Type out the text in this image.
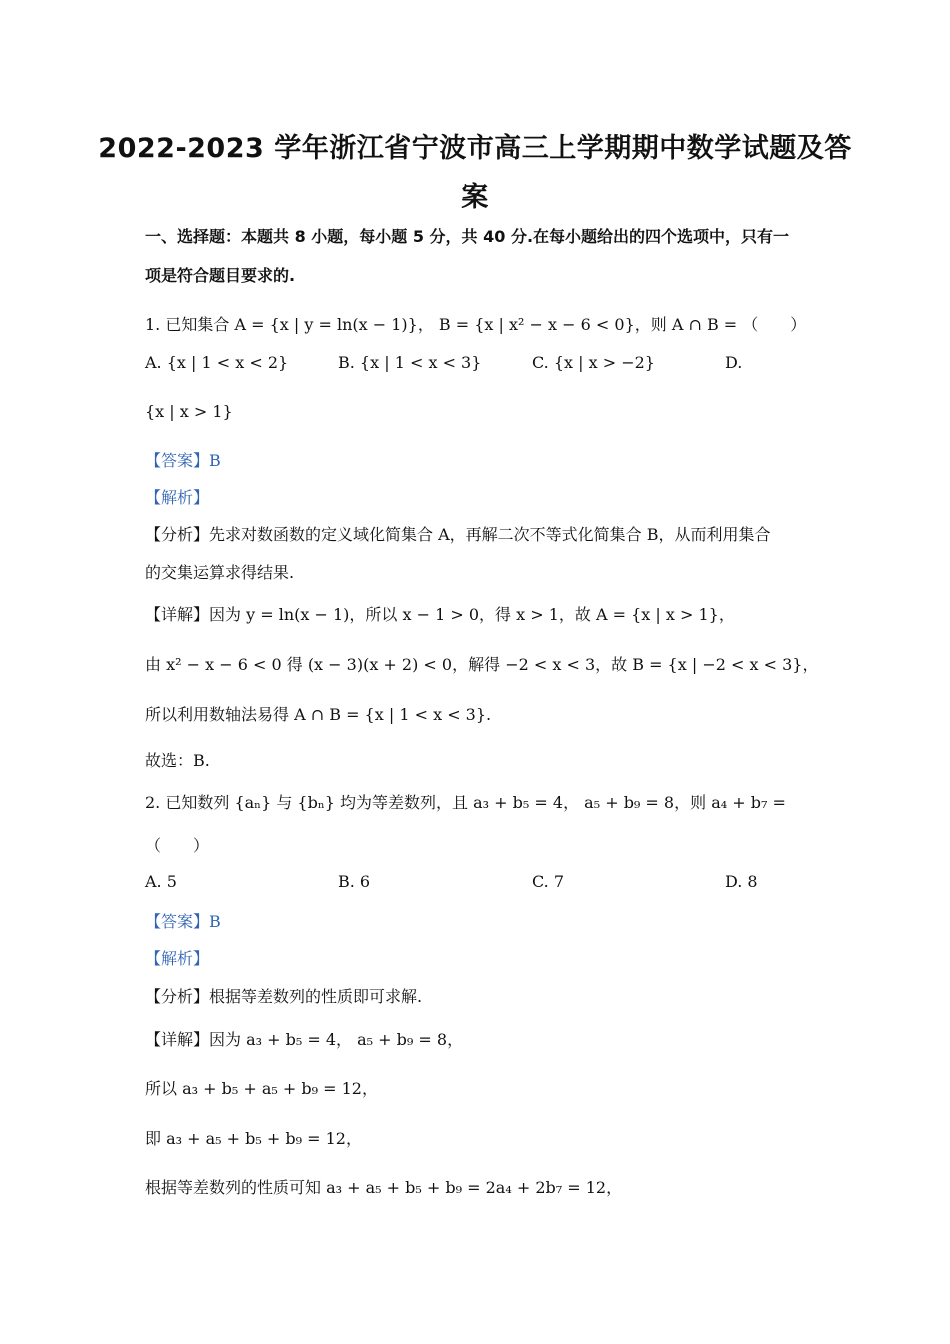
2022-2023 学年浙江省宁波市高三上学期期中数学试题及答
案
一、选择题：本题共 8 小题，每小题 5 分，共 40 分.在每小题给出的四个选项中，只有一
项是符合题目要求的.
1. 已知集合 A = {x | y = ln(x − 1)}， B = {x | x² − x − 6 < 0}，则 A ∩ B = （　　）
A. {x | 1 < x < 2}	B. {x | 1 < x < 3}	C. {x | x > −2}	D.
{x | x > 1}
【答案】B
【解析】
【分析】先求对数函数的定义域化简集合 A，再解二次不等式化简集合 B，从而利用集合
的交集运算求得结果.
【详解】因为 y = ln(x − 1)，所以 x − 1 > 0，得 x > 1，故 A = {x | x > 1}，
由 x² − x − 6 < 0 得 (x − 3)(x + 2) < 0，解得 −2 < x < 3，故 B = {x | −2 < x < 3}，
所以利用数轴法易得 A ∩ B = {x | 1 < x < 3}.
故选：B.
2. 已知数列 {aₙ} 与 {bₙ} 均为等差数列，且 a₃ + b₅ = 4， a₅ + b₉ = 8，则 a₄ + b₇ =
（　　）
A. 5	B. 6	C. 7	D. 8
【答案】B
【解析】
【分析】根据等差数列的性质即可求解.
【详解】因为 a₃ + b₅ = 4， a₅ + b₉ = 8，
所以 a₃ + b₅ + a₅ + b₉ = 12，
即 a₃ + a₅ + b₅ + b₉ = 12，
根据等差数列的性质可知 a₃ + a₅ + b₅ + b₉ = 2a₄ + 2b₇ = 12，
